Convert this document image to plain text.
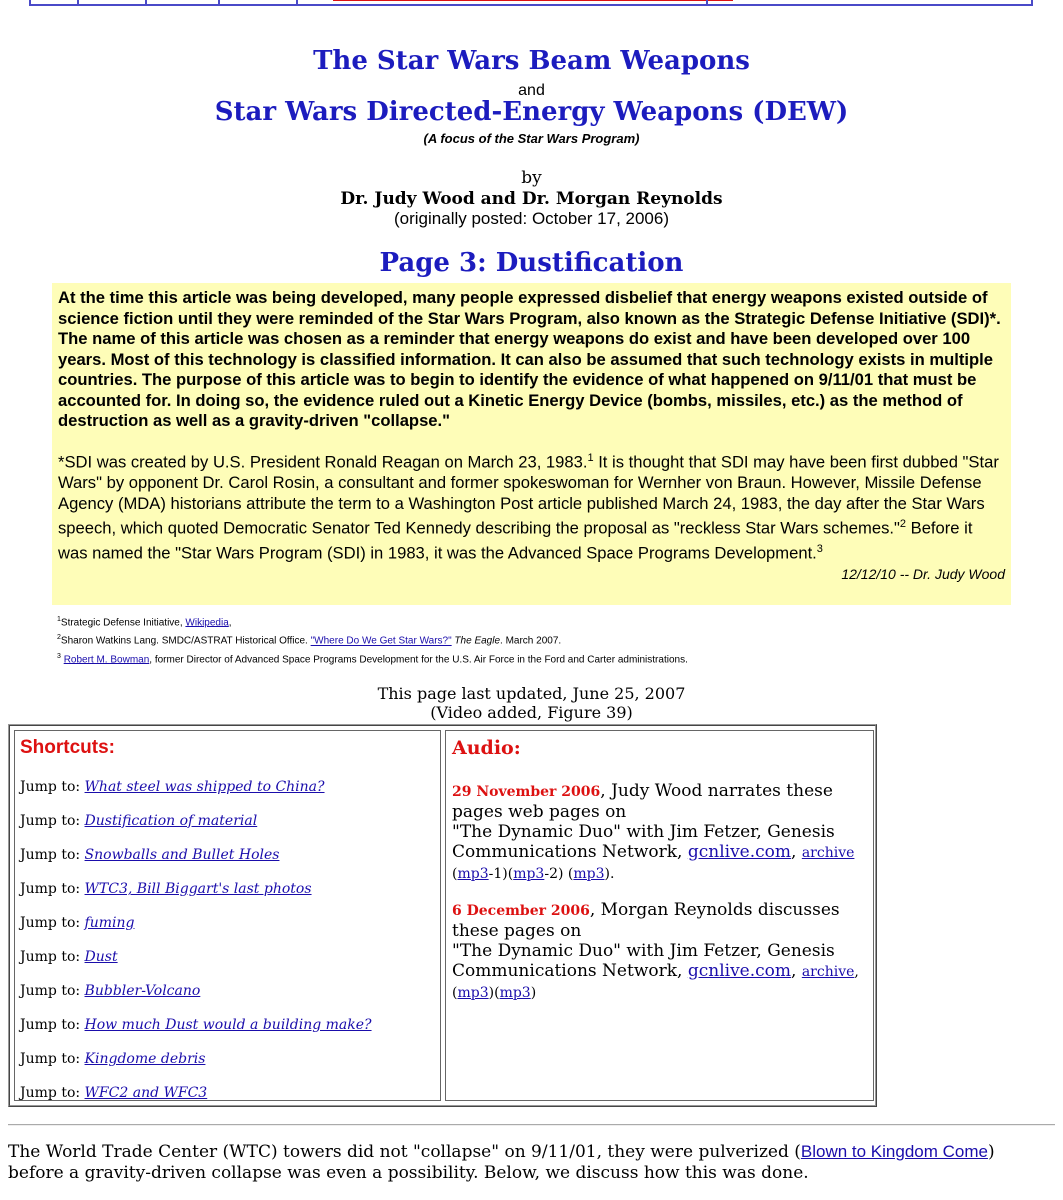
The Star Wars Beam Weapons
and
Star Wars Directed-Energy Weapons (DEW)
(A focus of the Star Wars Program)
by
Dr. Judy Wood and Dr. Morgan Reynolds
(originally posted: October 17, 2006)
Page 3: Dustification

At the time this article was being developed, many people expressed disbelief that energy weapons existed outside of science fiction until they were reminded of the Star Wars Program, also known as the Strategic Defense Initiative (SDI)*. The name of this article was chosen as a reminder that energy weapons do exist and have been developed over 100 years. Most of this technology is classified information. It can also be assumed that such technology exists in multiple countries. The purpose of this article was to begin to identify the evidence of what happened on 9/11/01 that must be accounted for. In doing so, the evidence ruled out a Kinetic Energy Device (bombs, missiles, etc.) as the method of destruction as well as a gravity-driven "collapse."

*SDI was created by U.S. President Ronald Reagan on March 23, 1983.$^1$ It is thought that SDI may have been first dubbed "Star Wars" by opponent Dr. Carol Rosin, a consultant and former spokeswoman for Wernher von Braun. However, Missile Defense Agency (MDA) historians attribute the term to a Washington Post article published March 24, 1983, the day after the Star Wars speech, which quoted Democratic Senator Ted Kennedy describing the proposal as "reckless Star Wars schemes."$^2$ Before it was named the "Star Wars Program (SDI) in 1983, it was the Advanced Space Programs Development.$^3$

12/12/10 -- Dr. Judy Wood
$^1$Strategic Defense Initiative, Wikipedia,
$^2$Sharon Watkins Lang. SMDC/ASTRAT Historical Office. "Where Do We Get Star Wars?" The Eagle. March 2007.
$^3$ Robert M. Bowman, former Director of Advanced Space Programs Development for the U.S. Air Force in the Ford and Carter administrations.
This page last updated, June 25, 2007
(Video added, Figure 39)
Shortcuts:
Jump to: What steel was shipped to China?
Jump to: Dustification of material
Jump to: Snowballs and Bullet Holes
Jump to: WTC3, Bill Biggart's last photos
Jump to: fuming
Jump to: Dust
Jump to: Bubbler-Volcano
Jump to: How much Dust would a building make?
Jump to: Kingdome debris
Jump to: WFC2 and WFC3
Audio:
29 November 2006, Judy Wood narrates these pages web pages on
"The Dynamic Duo" with Jim Fetzer, Genesis Communications Network, gcnlive.com, archive
(mp3-1)(mp3-2) (mp3).
6 December 2006, Morgan Reynolds discusses these pages on
"The Dynamic Duo" with Jim Fetzer, Genesis Communications Network, gcnlive.com, archive,
(mp3)(mp3)
The World Trade Center (WTC) towers did not "collapse" on 9/11/01, they were pulverized (Blown to Kingdom Come) before a gravity-driven collapse was even a possibility. Below, we discuss how this was done.
